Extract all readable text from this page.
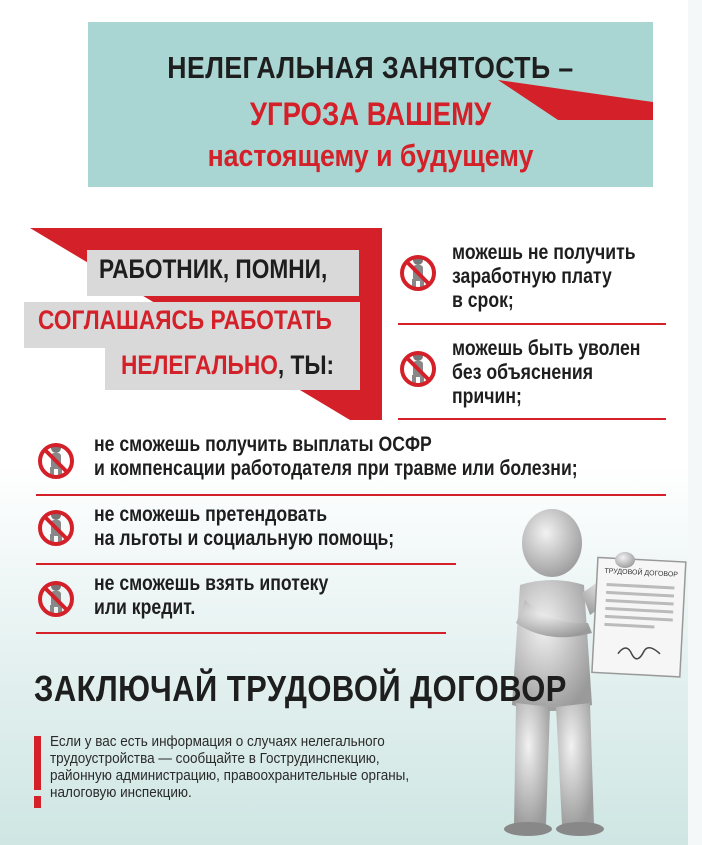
НЕЛЕГАЛЬНАЯ ЗАНЯТОСТЬ –
УГРОЗА ВАШЕМУ
настоящему и будущему
РАБОТНИК, ПОМНИ,
СОГЛАШАЯСЬ РАБОТАТЬ
НЕЛЕГАЛЬНО, ТЫ:
можешь не получить
заработную плату
в срок;
можешь быть уволен
без объяснения
причин;
не сможешь получить выплаты ОСФР
и компенсации работодателя при травме или болезни;
не сможешь претендовать
на льготы и социальную помощь;
не сможешь взять ипотеку
или кредит.
ТРУДОВОЙ ДОГОВОР
ЗАКЛЮЧАЙ ТРУДОВОЙ ДОГОВОР
Если у вас есть информация о случаях нелегального
трудоустройства — сообщайте в Гострудинспекцию,
районную администрацию, правоохранительные органы,
налоговую инспекцию.
